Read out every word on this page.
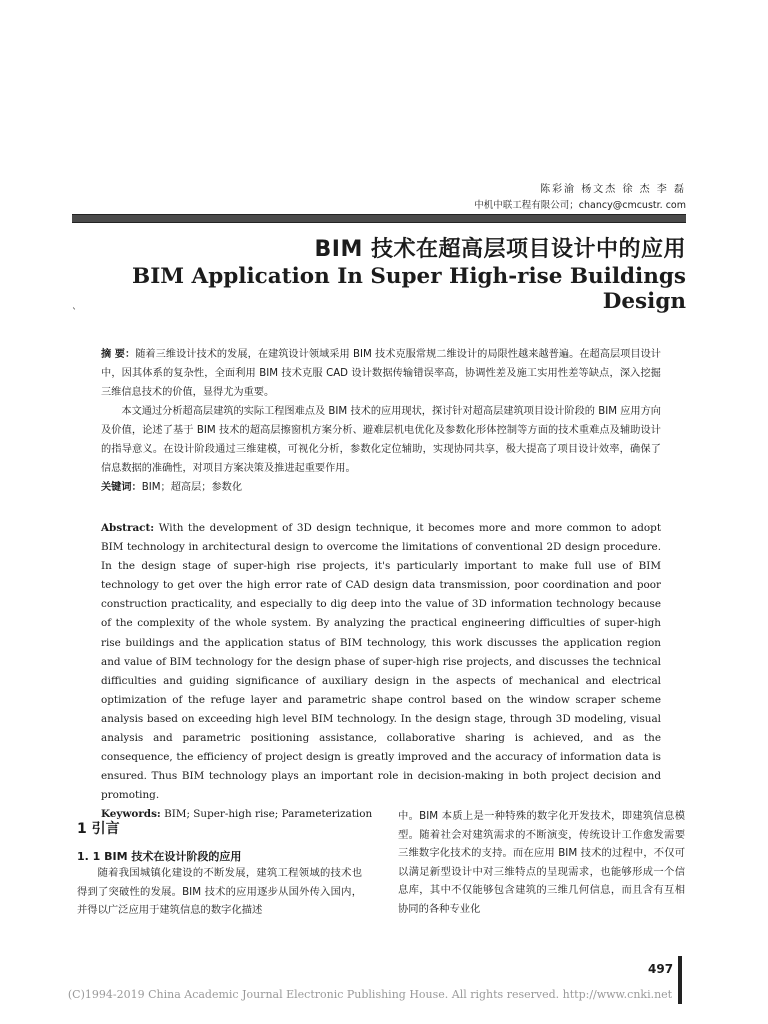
陈彩渝 杨文杰 徐 杰 李 磊
中机中联工程有限公司；chancy@cmcustr. com
BIM 技术在超高层项目设计中的应用
BIM Application In Super High-rise Buildings Design
`
摘 要：随着三维设计技术的发展，在建筑设计领域采用 BIM 技术克服常规二维设计的局限性越来越普遍。在超高层项目设计中，因其体系的复杂性，全面利用 BIM 技术克服 CAD 设计数据传输错误率高，协调性差及施工实用性差等缺点，深入挖掘三维信息技术的价值，显得尤为重要。
本文通过分析超高层建筑的实际工程图难点及 BIM 技术的应用现状，探讨针对超高层建筑项目设计阶段的 BIM 应用方向及价值，论述了基于 BIM 技术的超高层擦窗机方案分析、避难层机电优化及参数化形体控制等方面的技术重难点及辅助设计的指导意义。在设计阶段通过三维建模，可视化分析，参数化定位辅助，实现协同共享，极大提高了项目设计效率，确保了信息数据的准确性，对项目方案决策及推进起重要作用。
关键词：BIM；超高层；参数化
Abstract: With the development of 3D design technique, it becomes more and more common to adopt BIM technology in architectural design to overcome the limitations of conventional 2D design procedure. In the design stage of super-high rise projects, it's particularly important to make full use of BIM technology to get over the high error rate of CAD design data transmission, poor coordination and poor construction practicality, and especially to dig deep into the value of 3D information technology because of the complexity of the whole system. By analyzing the practical engineering difficulties of super-high rise buildings and the application status of BIM technology, this work discusses the application region and value of BIM technology for the design phase of super-high rise projects, and discusses the technical difficulties and guiding significance of auxiliary design in the aspects of mechanical and electrical optimization of the refuge layer and parametric shape control based on the window scraper scheme analysis based on exceeding high level BIM technology. In the design stage, through 3D modeling, visual analysis and parametric positioning assistance, collaborative sharing is achieved, and as the consequence, the efficiency of project design is greatly improved and the accuracy of information data is ensured. Thus BIM technology plays an important role in decision-making in both project decision and promoting.
Keywords: BIM; Super-high rise; Parameterization
1 引言
1. 1 BIM 技术在设计阶段的应用
随着我国城镇化建设的不断发展，建筑工程领域的技术也得到了突破性的发展。BIM 技术的应用逐步从国外传入国内，并得以广泛应用于建筑信息的数字化描述
中。BIM 本质上是一种特殊的数字化开发技术，即建筑信息模型。随着社会对建筑需求的不断演变，传统设计工作愈发需要三维数字化技术的支持。而在应用 BIM 技术的过程中，不仅可以满足新型设计中对三维特点的呈现需求，也能够形成一个信息库，其中不仅能够包含建筑的三维几何信息，而且含有互相协同的各种专业化
497
(C)1994-2019 China Academic Journal Electronic Publishing House. All rights reserved. http://www.cnki.net
